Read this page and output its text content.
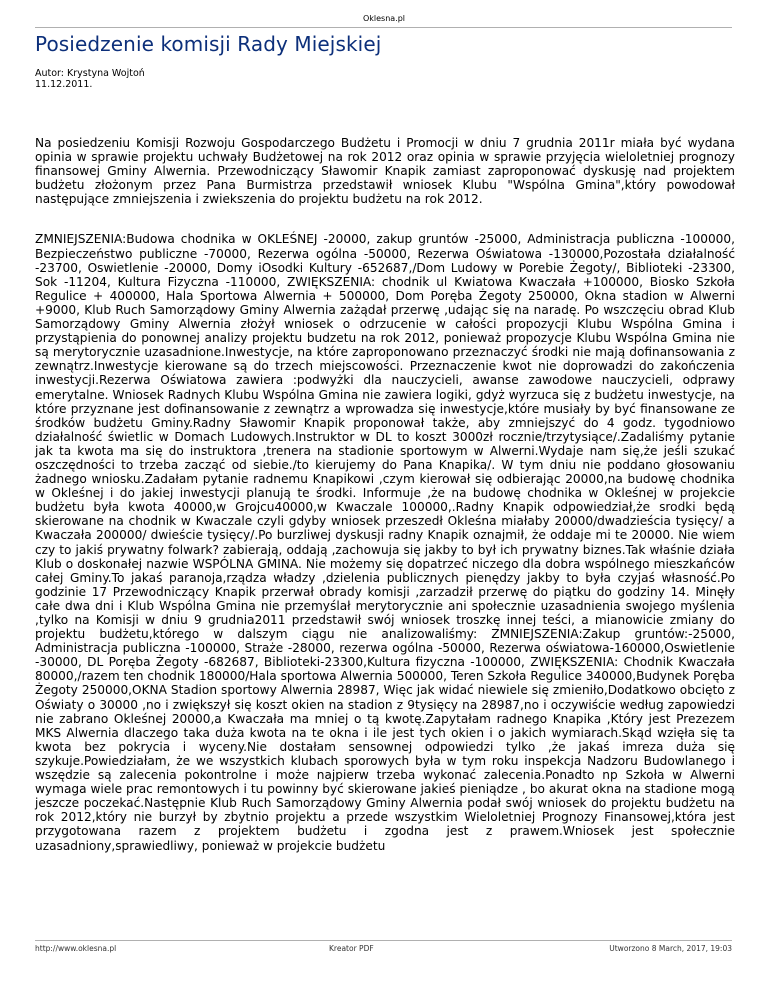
Oklesna.pl
Posiedzenie komisji Rady Miejskiej
Autor: Krystyna Wojtoń
11.12.2011.

Na posiedzeniu Komisji Rozwoju Gospodarczego Budżetu i Promocji w dniu 7 grudnia 2011r miała być wydana opinia w sprawie projektu uchwały Budżetowej na rok 2012 oraz opinia w sprawie przyjęcia wieloletniej prognozy finansowej Gminy Alwernia. Przewodniczący Sławomir Knapik zamiast zaproponować dyskusję nad projektem budżetu złożonym przez Pana Burmistrza przedstawił wniosek Klubu "Wspólna Gmina",który powodował następujące zmniejszenia i zwiekszenia do projektu budżetu na rok 2012.

ZMNIEJSZENIA:Budowa chodnika w OKLEŚNEJ -20000, zakup gruntów -25000, Administracja publiczna -100000, Bezpieczeństwo publiczne -70000, Rezerwa ogólna -50000, Rezerwa Oświatowa -130000,Pozostała działalność -23700, Oswietlenie -20000, Domy iOsodki Kultury -652687,/Dom Ludowy w Porebie Żegoty/, Biblioteki -23300, Sok -11204, Kultura Fizyczna -110000, ZWIĘKSZENIA: chodnik ul Kwiatowa Kwaczała +100000, Biosko Szkoła Regulice + 400000, Hala Sportowa Alwernia + 500000, Dom Poręba Żegoty 250000, Okna stadion w Alwerni +9000, Klub Ruch Samorządowy Gminy Alwernia zażądał przerwę ,udając się na naradę. Po wszczęciu obrad Klub Samorządowy Gminy Alwernia złożył wniosek o odrzucenie w całości propozycji Klubu Wspólna Gmina i przystąpienia do ponownej analizy projektu budzetu na rok 2012, ponieważ propozycje Klubu Wspólna Gmina nie są merytorycznie uzasadnione.Inwestycje, na które zaproponowano przeznaczyć środki nie mają dofinansowania z zewnątrz.Inwestycje kierowane są do trzech miejscowości. Przeznaczenie kwot nie doprowadzi do zakończenia inwestycji.Rezerwa Oświatowa zawiera :podwyżki dla nauczycieli, awanse zawodowe nauczycieli, odprawy emerytalne. Wniosek Radnych Klubu Wspólna Gmina nie zawiera logiki, gdyż wyrzuca się z budżetu inwestycje, na które przyznane jest dofinansowanie z zewnątrz a wprowadza się inwestycje,które musiały by być finansowane ze środków budżetu Gminy.Radny Sławomir Knapik proponował także, aby zmniejszyć do 4 godz. tygodniowo działalność świetlic w Domach Ludowych.Instruktor w DL to koszt 3000zł rocznie/trzytysiące/.Zadaliśmy pytanie jak ta kwota ma się do instruktora ,trenera na stadionie sportowym w Alwerni.Wydaje nam się,że jeśli szukać oszczędności to trzeba zacząć od siebie./to kierujemy do Pana Knapika/. W tym dniu nie poddano głosowaniu żadnego wniosku.Zadałam pytanie radnemu Knapikowi ,czym kierował się odbierając 20000,na budowę chodnika w Okleśnej i do jakiej inwestycji planują te środki. Informuje ,że na budowę chodnika w Okleśnej w projekcie budżetu była kwota 40000,w Grojcu40000,w Kwaczale 100000,.Radny Knapik odpowiedział,że srodki będą skierowane na chodnik w Kwaczale czyli gdyby wniosek przeszedł Okleśna miałaby 20000/dwadzieścia tysięcy/ a Kwaczała 200000/ dwieście tysięcy/.Po burzliwej dyskusji radny Knapik oznajmił, że oddaje mi te 20000. Nie wiem czy to jakiś prywatny folwark? zabierają, oddają ,zachowuja się jakby to był ich prywatny biznes.Tak właśnie działa Klub o doskonałej nazwie WSPÓLNA GMINA. Nie możemy się dopatrzeć niczego dla dobra wspólnego mieszkańców całej Gminy.To jakaś paranoja,rządza władzy ,dzielenia publicznych pienędzy jakby to była czyjaś własność.Po godzinie 17 Przewodniczący Knapik przerwał obrady komisji ,zarzadził przerwę do piątku do godziny 14. Minęły całe dwa dni i Klub Wspólna Gmina nie przemyślał merytorycznie ani społecznie uzasadnienia swojego myślenia ,tylko na Komisji w dniu 9 grudnia2011 przedstawił swój wniosek troszkę innej teści, a mianowicie zmiany do projektu budżetu,którego w dalszym ciągu nie analizowaliśmy: ZMNIEJSZENIA:Zakup gruntów:-25000, Administracja publiczna -100000, Straże -28000, rezerwa ogólna -50000, Rezerwa oświatowa-160000,Oswietlenie -30000, DL Poręba Żegoty -682687, Biblioteki-23300,Kultura fizyczna -100000, ZWIĘKSZENIA: Chodnik Kwaczała 80000,/razem ten chodnik 180000/Hala sportowa Alwernia 500000, Teren Szkoła Regulice 340000,Budynek Poręba Żegoty 250000,OKNA Stadion sportowy Alwernia 28987, Więc jak widać niewiele się zmieniło,Dodatkowo obcięto z Oświaty o 30000 ,no i zwiększył się koszt okien na stadion z 9tysięcy na 28987,no i oczywiście według zapowiedzi nie zabrano Okleśnej 20000,a Kwaczała ma mniej o tą kwotę.Zapytałam radnego Knapika ,Który jest Prezezem MKS Alwernia dlaczego taka duża kwota na te okna i ile jest tych okien i o jakich wymiarach.Skąd wzięła się ta kwota bez pokrycia i wyceny.Nie dostałam sensownej odpowiedzi tylko ,że jakaś imreza duża się szykuje.Powiedziałam, że we wszystkich klubach sporowych była w tym roku inspekcja Nadzoru Budowlanego i wszędzie są zalecenia pokontrolne i może najpierw trzeba wykonać zalecenia.Ponadto np Szkoła w Alwerni wymaga wiele prac remontowych i tu powinny być skierowane jakieś pieniądze , bo akurat okna na stadione mogą jeszcze poczekać.Następnie Klub Ruch Samorządowy Gminy Alwernia podał swój wniosek do projektu budżetu na rok 2012,który nie burzył by zbytnio projektu a przede wszystkim Wieloletniej Prognozy Finansowej,która jest przygotowana razem z projektem budżetu i zgodna jest z prawem.Wniosek jest społecznie uzasadniony,sprawiedliwy, ponieważ w projekcie budżetu

http://www.oklesna.pl	Kreator PDF	Utworzono 8 March, 2017, 19:03
